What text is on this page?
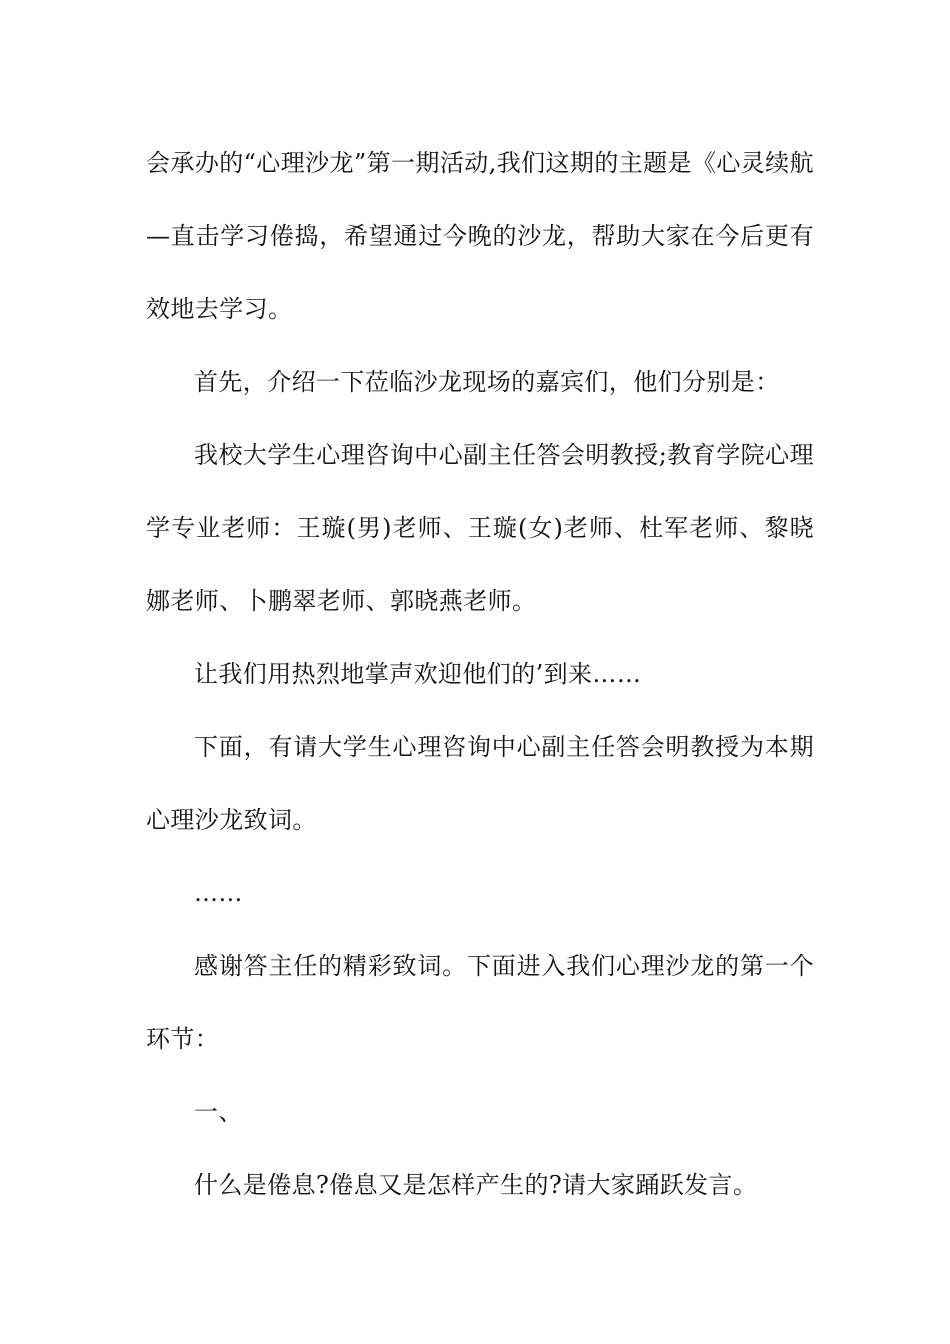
会承办的“心理沙龙”第一期活动,我们这期的主题是《心灵续航—直击学习倦捣，希望通过今晚的沙龙，帮助大家在今后更有效地去学习。

首先，介绍一下莅临沙龙现场的嘉宾们，他们分别是：

我校大学生心理咨询中心副主任答会明教授;教育学院心理学专业老师：王璇(男)老师、王璇(女)老师、杜军老师、黎晓娜老师、卜鹏翠老师、郭晓燕老师。

让我们用热烈地掌声欢迎他们的’到来……

下面，有请大学生心理咨询中心副主任答会明教授为本期心理沙龙致词。

……

感谢答主任的精彩致词。下面进入我们心理沙龙的第一个环节：

一、

什么是倦息?倦息又是怎样产生的?请大家踊跃发言。
